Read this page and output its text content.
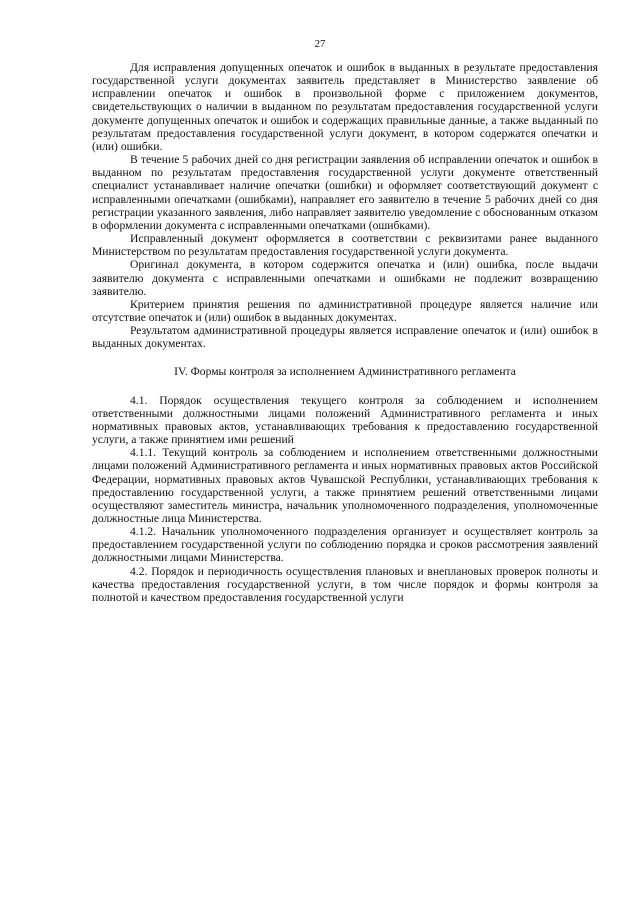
27

Для исправления допущенных опечаток и ошибок в выданных в результате предоставления государственной услуги документах заявитель представляет в Министерство заявление об исправлении опечаток и ошибок в произвольной форме с приложением документов, свидетельствующих о наличии в выданном по результатам предоставления государственной услуги документе допущенных опечаток и ошибок и содержащих правильные данные, а также выданный по результатам предоставления государственной услуги документ, в котором содержатся опечатки и (или) ошибки.

В течение 5 рабочих дней со дня регистрации заявления об исправлении опечаток и ошибок в выданном по результатам предоставления государственной услуги документе ответственный специалист устанавливает наличие опечатки (ошибки) и оформляет соответствующий документ с исправленными опечатками (ошибками), направляет его заявителю в течение 5 рабочих дней со дня регистрации указанного заявления, либо направляет заявителю уведомление с обоснованным отказом в оформлении документа с исправленными опечатками (ошибками).

Исправленный документ оформляется в соответствии с реквизитами ранее выданного Министерством по результатам предоставления государственной услуги документа.

Оригинал документа, в котором содержится опечатка и (или) ошибка, после выдачи заявителю документа с исправленными опечатками и ошибками не подлежит возвращению заявителю.

Критерием принятия решения по административной процедуре является наличие или отсутствие опечаток и (или) ошибок в выданных документах.

Результатом административной процедуры является исправление опечаток и (или) ошибок в выданных документах.

IV. Формы контроля за исполнением Административного регламента

4.1. Порядок осуществления текущего контроля за соблюдением и исполнением ответственными должностными лицами положений Административного регламента и иных нормативных правовых актов, устанавливающих требования к предоставлению государственной услуги, а также принятием ими решений

4.1.1. Текущий контроль за соблюдением и исполнением ответственными должностными лицами положений Административного регламента и иных нормативных правовых актов Российской Федерации, нормативных правовых актов Чувашской Республики, устанавливающих требования к предоставлению государственной услуги, а также принятием решений ответственными лицами осуществляют заместитель министра, начальник уполномоченного подразделения, уполномоченные должностные лица Министерства.

4.1.2. Начальник уполномоченного подразделения организует и осуществляет контроль за предоставлением государственной услуги по соблюдению порядка и сроков рассмотрения заявлений должностными лицами Министерства.

4.2. Порядок и периодичность осуществления плановых и внеплановых проверок полноты и качества предоставления государственной услуги, в том числе порядок и формы контроля за полнотой и качеством предоставления государственной услуги
